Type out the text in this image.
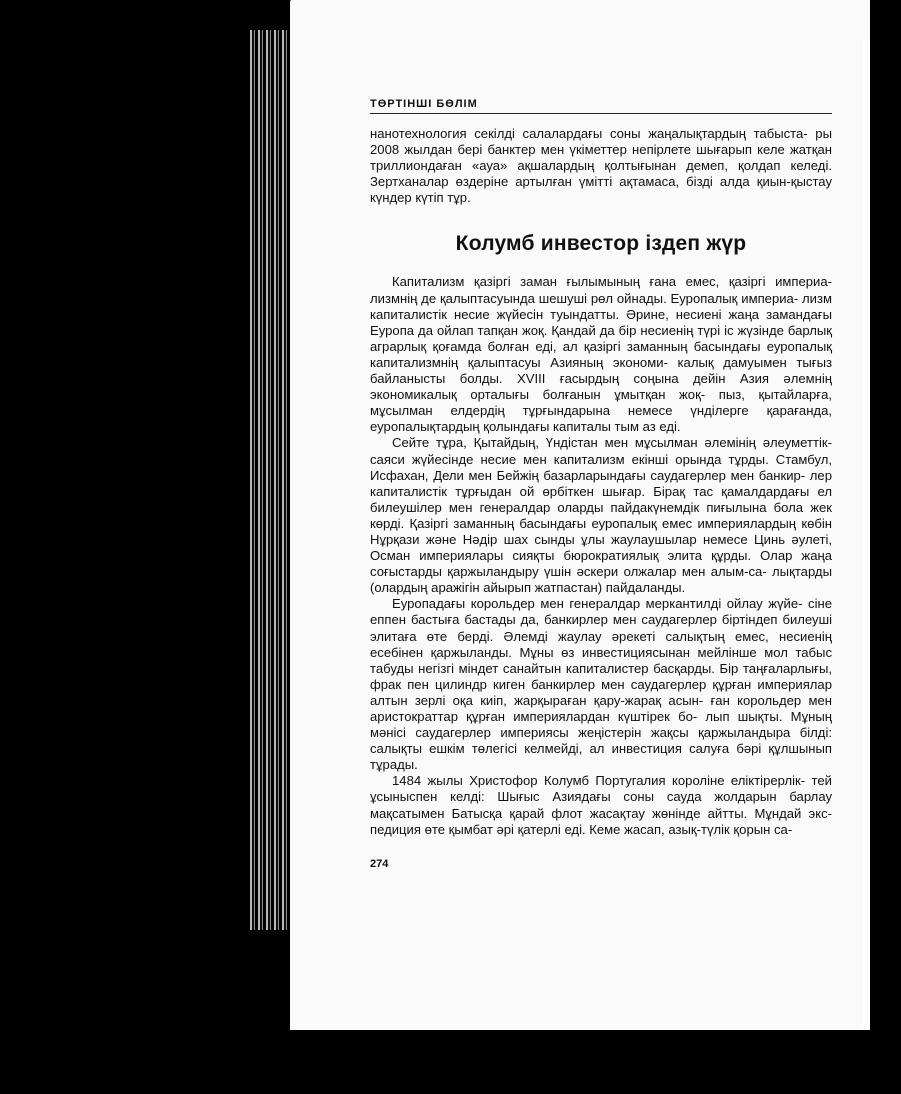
ТӨРТІНШІ БӨЛІМ

нанотехнология секілді салалардағы соны жаңалықтардың табыста- ры 2008 жылдан бері банктер мен үкіметтер непірлете шығарып келе жатқан триллиондаған «ауа» ақшалардың қолтығынан демеп, қолдап келеді. Зертханалар өздеріне артылған үмітті ақтамаса, бізді алда қиын-қыстау күндер күтіп тұр.

Колумб инвестор іздеп жүр

Капитализм қазіргі заман ғылымының ғана емес, қазіргі империа- лизмнің де қалыптасуында шешуші рөл ойнады. Еуропалық империа- лизм капиталистік несие жүйесін туындатты. Әрине, несиені жаңа замандағы Еуропа да ойлап тапқан жоқ. Қандай да бір несиенің түрі іс жүзінде барлық аграрлық қоғамда болған еді, ал қазіргі заманның басындағы еуропалық капитализмнің қалыптасуы Азияның экономи- калық дамуымен тығыз байланысты болды. XVIII ғасырдың соңына дейін Азия әлемнің экономикалық орталығы болғанын ұмытқан жоқ- пыз, қытайларға, мұсылман елдердің тұрғындарына немесе үнділерге қарағанда, еуропалықтардың қолындағы капиталы тым аз еді.

Сейте тұра, Қытайдың, Үндістан мен мұсылман әлемінің әлеуметтік- саяси жүйесінде несие мен капитализм екінші орында тұрды. Стамбул, Исфахан, Дели мен Бейжің базарларындағы саудагерлер мен банкир- лер капиталистік тұрғыдан ой өрбіткен шығар. Бірақ тас қамалдардағы ел билеушілер мен генералдар оларды пайдакүнемдік пиғылына бола жек көрді. Қазіргі заманның басындағы еуропалық емес империялардың көбін Нұрқази және Нәдір шах сынды ұлы жаулаушылар немесе Цинь әулеті, Осман империялары сияқты бюрократиялық элита құрды. Олар жаңа соғыстарды қаржыландыру үшін әскери олжалар мен алым-са- лықтарды (олардың аражігін айырып жатпастан) пайдаланды.

Еуропадағы корольдер мен генералдар меркантилді ойлау жүйе- сіне еппен бастыға бастады да, банкирлер мен саудагерлер біртіндеп билеуші элитаға өте берді. Әлемді жаулау әрекеті салықтың емес, несиенің есебінен қаржыланды. Мұны өз инвестициясынан мейлінше мол табыс табуды негізгі міндет санайтын капиталистер басқарды. Бір таңғаларлығы, фрак пен цилиндр киген банкирлер мен саудагерлер құрған империялар алтын зерлі оқа киіп, жарқыраған қару-жарақ асын- ған корольдер мен аристократтар құрған империялардан күштірек бо- лып шықты. Мұның мәнісі саудагерлер империясы жеңістерін жақсы қаржыландыра білді: салықты ешкім төлегісі келмейді, ал инвестиция салуға бәрі құлшынып тұрады.

1484 жылы Христофор Колумб Португалия короліне еліктірерлік- тей ұсыныспен келді: Шығыс Азиядағы соны сауда жолдарын барлау мақсатымен Батысқа қарай флот жасақтау жөнінде айтты. Мұндай экс- педиция өте қымбат әрі қатерлі еді. Кеме жасап, азық-түлік қорын са-

274
